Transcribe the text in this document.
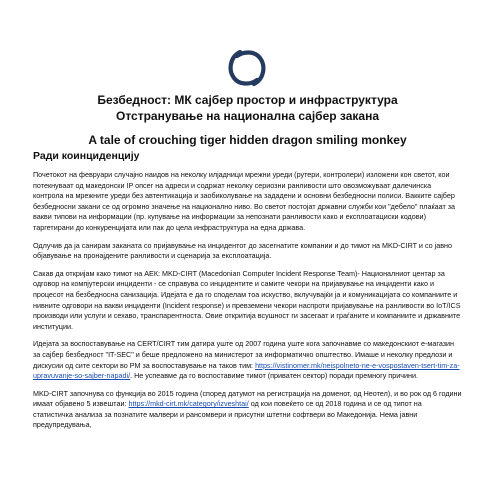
Безбедност: МК сајбер простор и инфраструктура
Отстранување на национална сајбер закана
A tale of crouching tiger hidden dragon smiling monkey
Ради коинциденцију

Почетокот на февруари случајно наидов на неколку илјадници мрежни уреди (рутери, контролери) изложени кон светот, кои потекнуваат од македонски IP опсег на адреси и содржат неколку сериозни ранливости што овозможуваат далечинска контрола на мрежните уреди без автентикација и заобиколување на зададени и основни безбедносни полиси. Вакките сајбер безбедносни закани се од огромно значење на национално ниво. Во светот постојат државни служби кои "дебело" плаќаат за вакви типови на информации (пр. купување на информации за непознати ранливости како и експлоатациски кодови) таргетирани до конкуренцијата или пак до цела инфраструктура на една држава.

Одлучив да ја санирам заканата со пријавување на инцидентот до засегнатите компании и до тимот на MKD-CIRT и со јавно објавување на пронајдените ранливости и сценарија за експлоатација.

Сакав да откријам како тимот на АЕК: MKD-CIRT (Macedonian Computer Incident Response Team)- Националниот центар за одговор на компјутерски инциденти - се справува со инцидентите и самите чекори на пријавување на инциденти како и процесот на безбедносна санизација. Идејата е да го споделам тоа искуство, вклучувајќи ја и комуникацијата со компаниите и нивните одговори на вакви инциденти (Incident response) и превземени чекори наспроти пријавување на ранливости во IoT/ICS производи или услуги и сехаво, транспарентноста. Овие откритија всушност ги засегаат и граѓаните и компаниите и државните институции.

Идејата за воспоставување на CERT/CIRT тим датира уште од 2007 година уште кога започнавме со македонскиот е-магазин за сајбер безбедност "IT-SEC" и беше предложено на министерот за информатичко општество. Имаше и неколку предлози и дискусии од сите сектори во РМ за воспоставување на таков тим: https://vistinomer.mk/neispolneto-ne-e-vospostaven-tsert-tim-za-upravuvanje-so-sajber-napadi/. Не успеавме да го воспоставиме тимот (приватен сектор) поради премногу причини.

MKD-CIRT започнува со функција во 2015 година (според датумот на регистрација на доменот, од Неотел), и во рок од 6 години имаат објавено 5 извештаи: https://mkd-cirt.mk/category/izveshtai/ од кои повеќето се од 2018 година и се од типот на статистичка анализа за познатите малвери и рансомвери и присутни штетни софтвери во Македонија. Нема јавни предупредувања,
